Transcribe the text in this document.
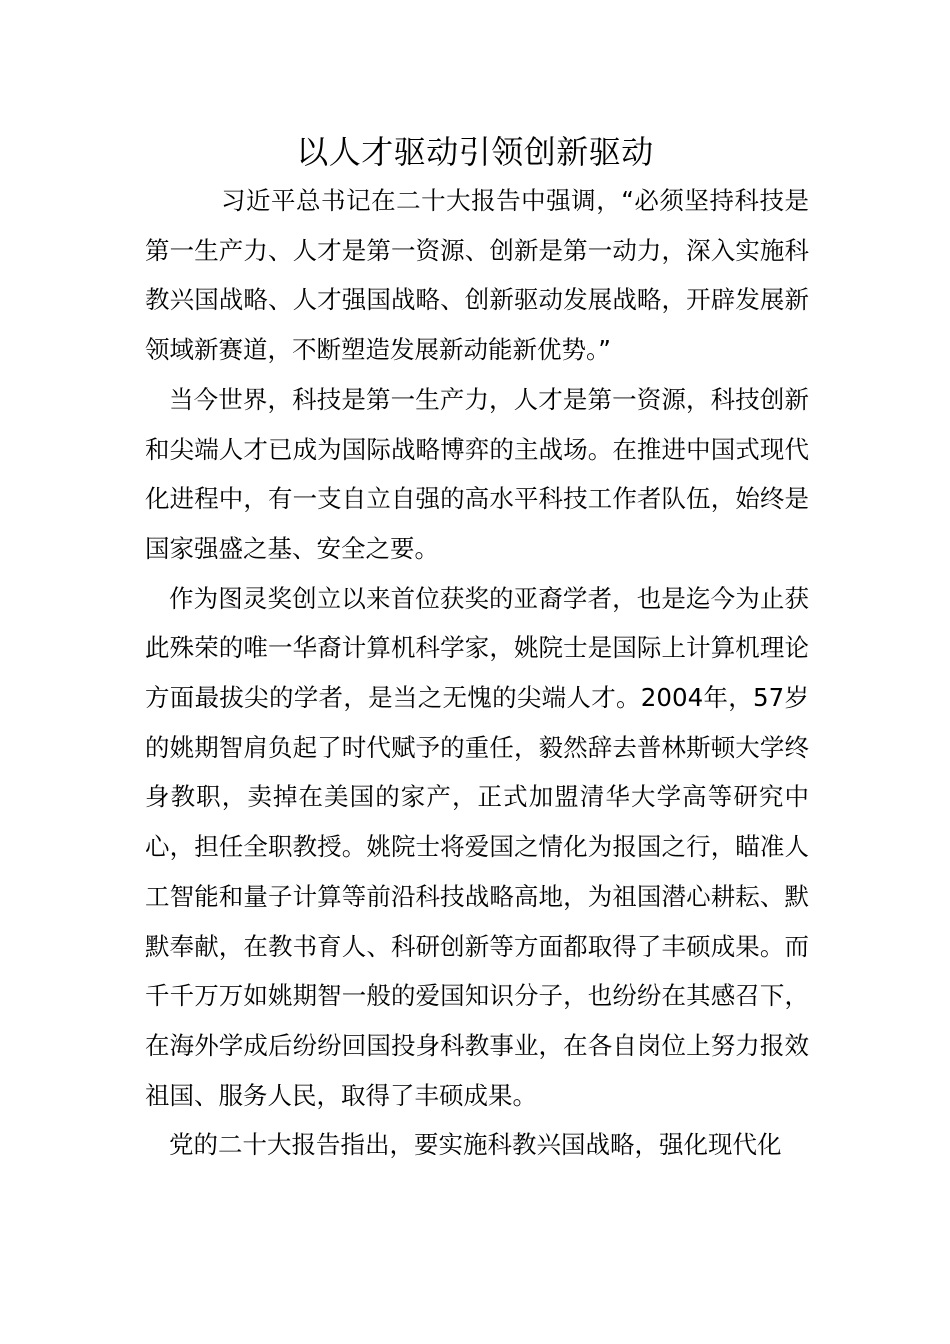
以人才驱动引领创新驱动

习近平总书记在二十大报告中强调，“必须坚持科技是第一生产力、人才是第一资源、创新是第一动力，深入实施科教兴国战略、人才强国战略、创新驱动发展战略，开辟发展新领域新赛道，不断塑造发展新动能新优势。”

当今世界，科技是第一生产力，人才是第一资源，科技创新和尖端人才已成为国际战略博弈的主战场。在推进中国式现代化进程中，有一支自立自强的高水平科技工作者队伍，始终是国家强盛之基、安全之要。

作为图灵奖创立以来首位获奖的亚裔学者，也是迄今为止获此殊荣的唯一华裔计算机科学家，姚院士是国际上计算机理论方面最拔尖的学者，是当之无愧的尖端人才。2004年，57岁的姚期智肩负起了时代赋予的重任，毅然辞去普林斯顿大学终身教职，卖掉在美国的家产，正式加盟清华大学高等研究中心，担任全职教授。姚院士将爱国之情化为报国之行，瞄准人工智能和量子计算等前沿科技战略高地，为祖国潜心耕耘、默默奉献，在教书育人、科研创新等方面都取得了丰硕成果。而千千万万如姚期智一般的爱国知识分子，也纷纷在其感召下，在海外学成后纷纷回国投身科教事业，在各自岗位上努力报效祖国、服务人民，取得了丰硕成果。

党的二十大报告指出，要实施科教兴国战略，强化现代化
